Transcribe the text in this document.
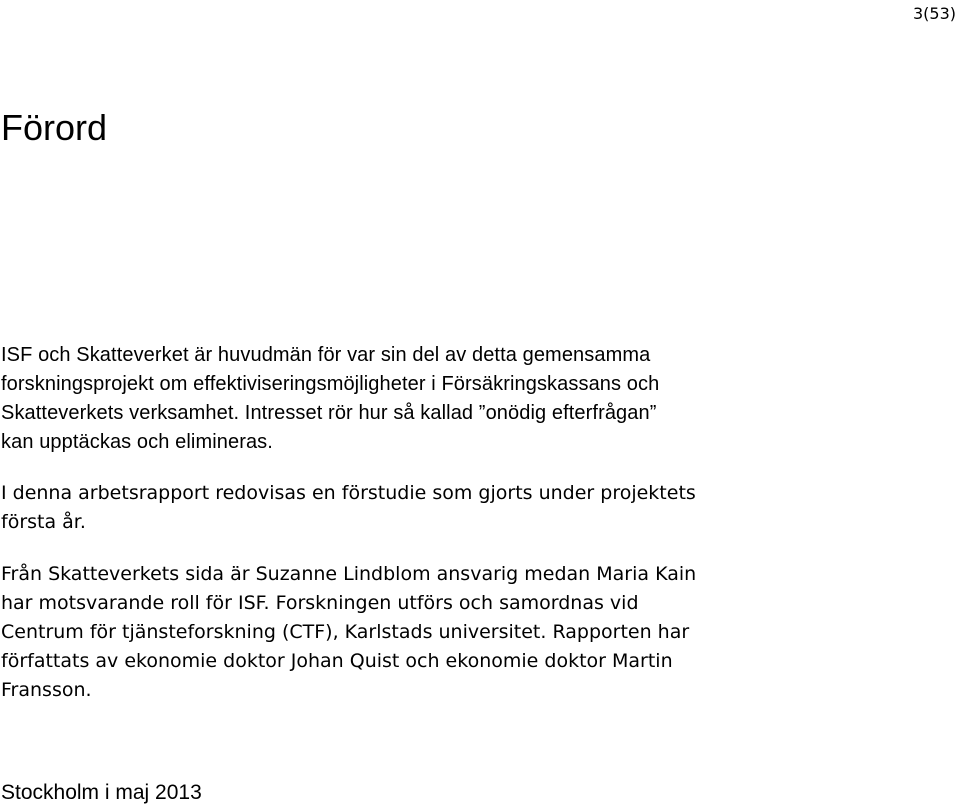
3(53)
Förord

ISF och Skatteverket är huvudmän för var sin del av detta gemensamma
forskningsprojekt om effektiviseringsmöjligheter i Försäkringskassans och
Skatteverkets verksamhet. Intresset rör hur så kallad ”onödig efterfrågan”
kan upptäckas och elimineras.

I denna arbetsrapport redovisas en förstudie som gjorts under projektets
första år.

Från Skatteverkets sida är Suzanne Lindblom ansvarig medan Maria Kain
har motsvarande roll för ISF. Forskningen utförs och samordnas vid
Centrum för tjänsteforskning (CTF), Karlstads universitet. Rapporten har
författats av ekonomie doktor Johan Quist och ekonomie doktor Martin
Fransson.

Stockholm i maj 2013
